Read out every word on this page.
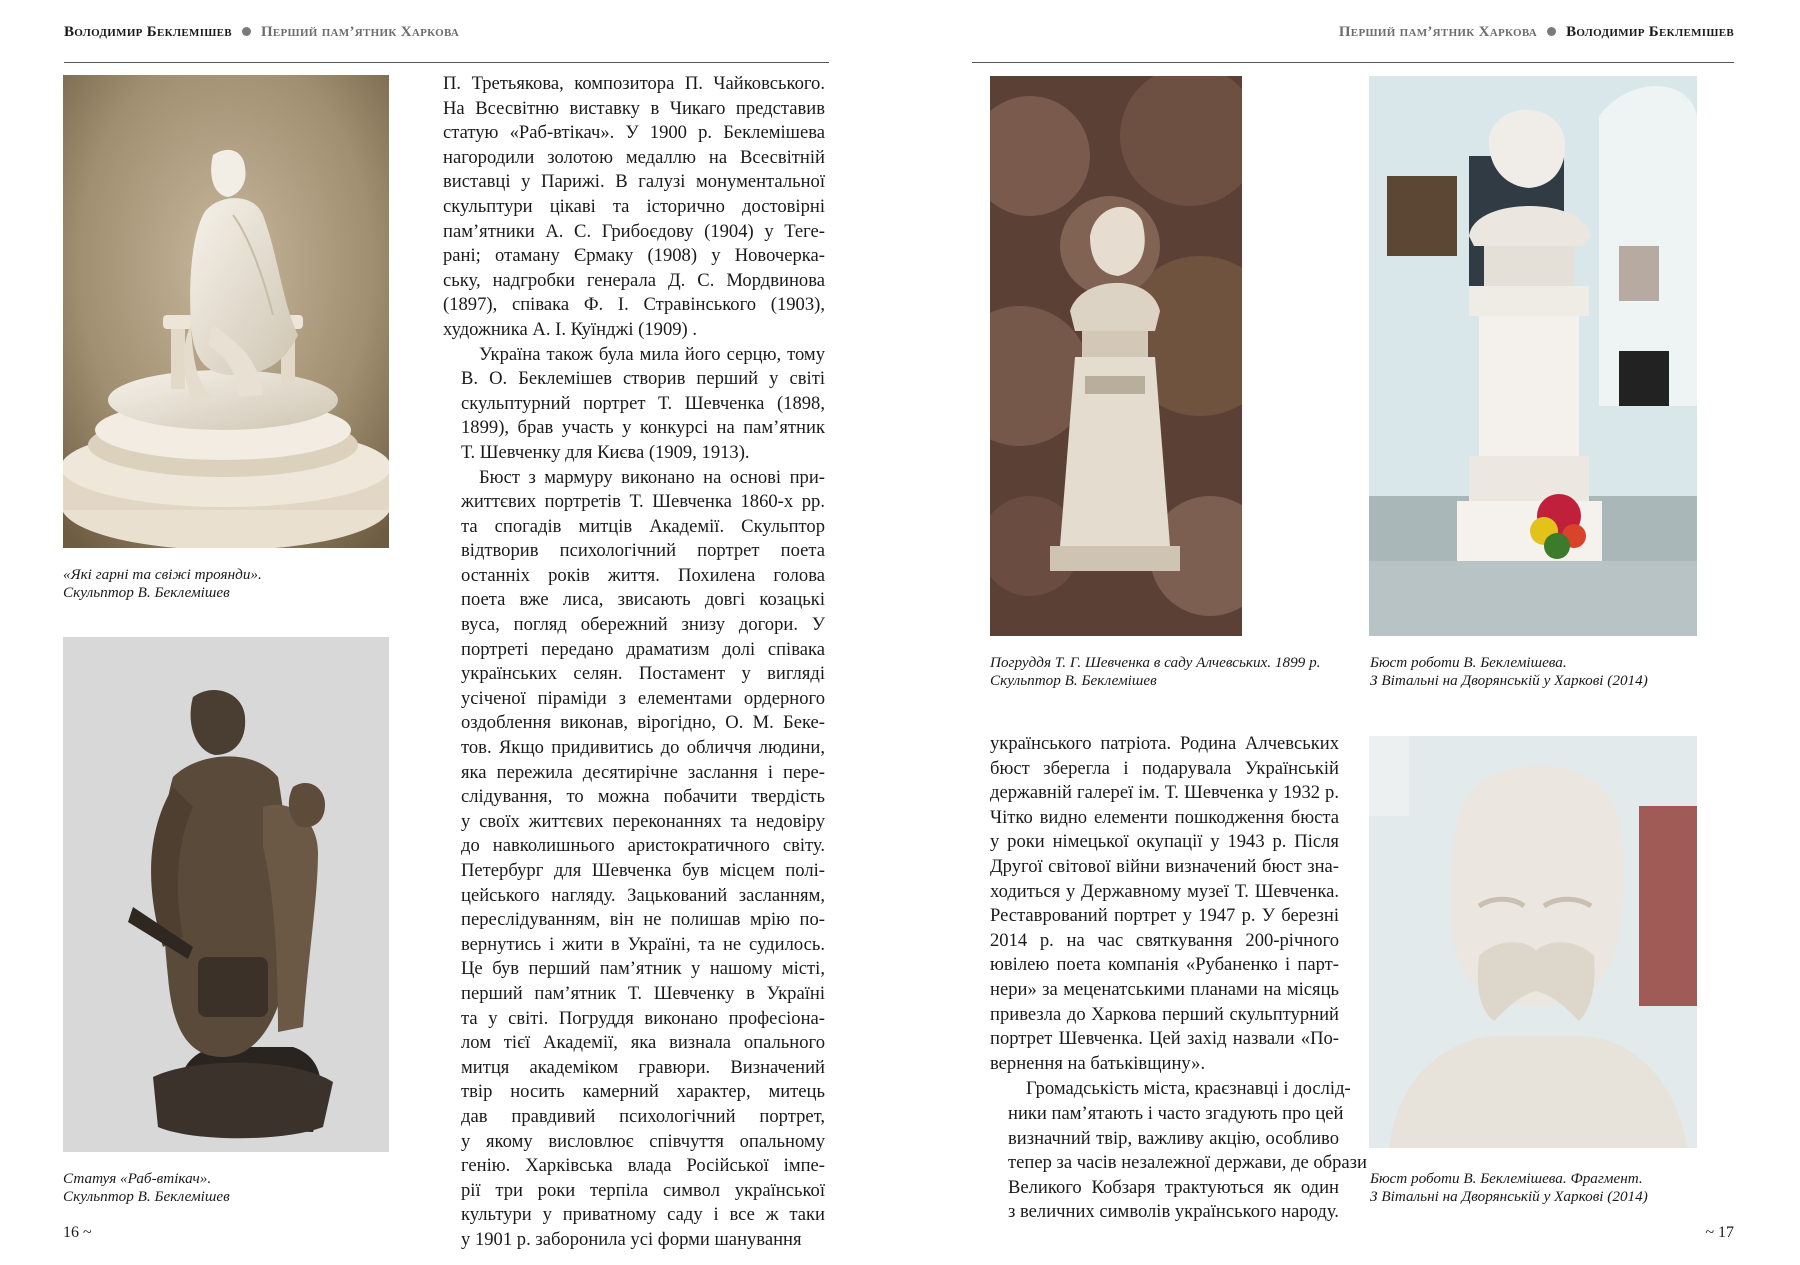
Володимир Беклемішев Перший пам’ятник Харкова
«Які гарні та свіжі троянди».
Скульптор В. Беклемішев
Статуя «Раб-втікач».
Скульптор В. Беклемішев

П. Третьякова, композитора П. Чайковського.
На Всесвітню виставку в Чикаго представив
статую «Раб-втікач». У 1900 р. Беклемішева
нагородили золотою медаллю на Всесвітній
виставці у Парижі. В галузі монументальної
скульптури цікаві та історично достовірні
пам’ятники А. С. Грибоєдову (1904) у Теге-
рані; отаману Єрмаку (1908) у Новочерка-
ську, надгробки генерала Д. С. Мордвинова
(1897), співака Ф. І. Стравінського (1903),
художника А. І. Куїнджі (1909) .

Україна також була мила його серцю, тому
В. О. Беклемішев створив перший у світі
скульптурний портрет Т. Шевченка (1898,
1899), брав участь у конкурсі на пам’ятник
Т. Шевченку для Києва (1909, 1913).

Бюст з мармуру виконано на основі при-
життєвих портретів Т. Шевченка 1860-х рр.
та спогадів митців Академії. Скульптор
відтворив психологічний портрет поета
останніх років життя. Похилена голова
поета вже лиса, звисають довгі козацькі
вуса, погляд обережний знизу догори. У
портреті передано драматизм долі співака
українських селян. Постамент у вигляді
усіченої піраміди з елементами ордерного
оздоблення виконав, вірогідно, О. М. Беке-
тов. Якщо придивитись до обличчя людини,
яка пережила десятирічне заслання і пере-
слідування, то можна побачити твердість
у своїх життєвих переконаннях та недовіру
до навколишнього аристократичного світу.
Петербург для Шевченка був місцем полі-
цейського нагляду. Зацькований засланням,
переслідуванням, він не полишав мрію по-
вернутись і жити в Україні, та не судилось.
Це був перший пам’ятник у нашому місті,
перший пам’ятник Т. Шевченку в Україні
та у світі. Погруддя виконано професіона-
лом тієї Академії, яка визнала опального
митця академіком гравюри. Визначений
твір носить камерний характер, митець
дав правдивий психологічний портрет,
у якому висловлює співчуття опальному
генію. Харківська влада Російської імпе-
рії три роки терпіла символ української
культури у приватному саду і все ж таки
у 1901 р. заборонила усі форми шанування

16 ~
Перший пам’ятник Харкова Володимир Беклемішев
Погруддя Т. Г. Шевченка в саду Алчевських. 1899 р.
Скульптор В. Беклемішев
Бюст роботи В. Беклемішева.
З Вітальні на Дворянській у Харкові (2014)
Бюст роботи В. Беклемішева. Фрагмент.
З Вітальні на Дворянській у Харкові (2014)

українського патріота. Родина Алчевських
бюст зберегла і подарувала Українській
державній галереї ім. Т. Шевченка у 1932 р.
Чітко видно елементи пошкодження бюста
у роки німецької окупації у 1943 р. Після
Другої світової війни визначений бюст зна-
ходиться у Державному музеї Т. Шевченка.
Реставрований портрет у 1947 р. У березні
2014 р. на час святкування 200-річного
ювілею поета компанія «Рубаненко і парт-
нери» за меценатськими планами на місяць
привезла до Харкова перший скульптурний
портрет Шевченка. Цей захід назвали «По-
вернення на батьківщину».

Громадськість міста, краєзнавці і дослід-
ники пам’ятають і часто згадують про цей
визначний твір, важливу акцію, особливо
тепер за часів незалежної держави, де образи
Великого Кобзаря трактуються як один
з величних символів українського народу.

~ 17
